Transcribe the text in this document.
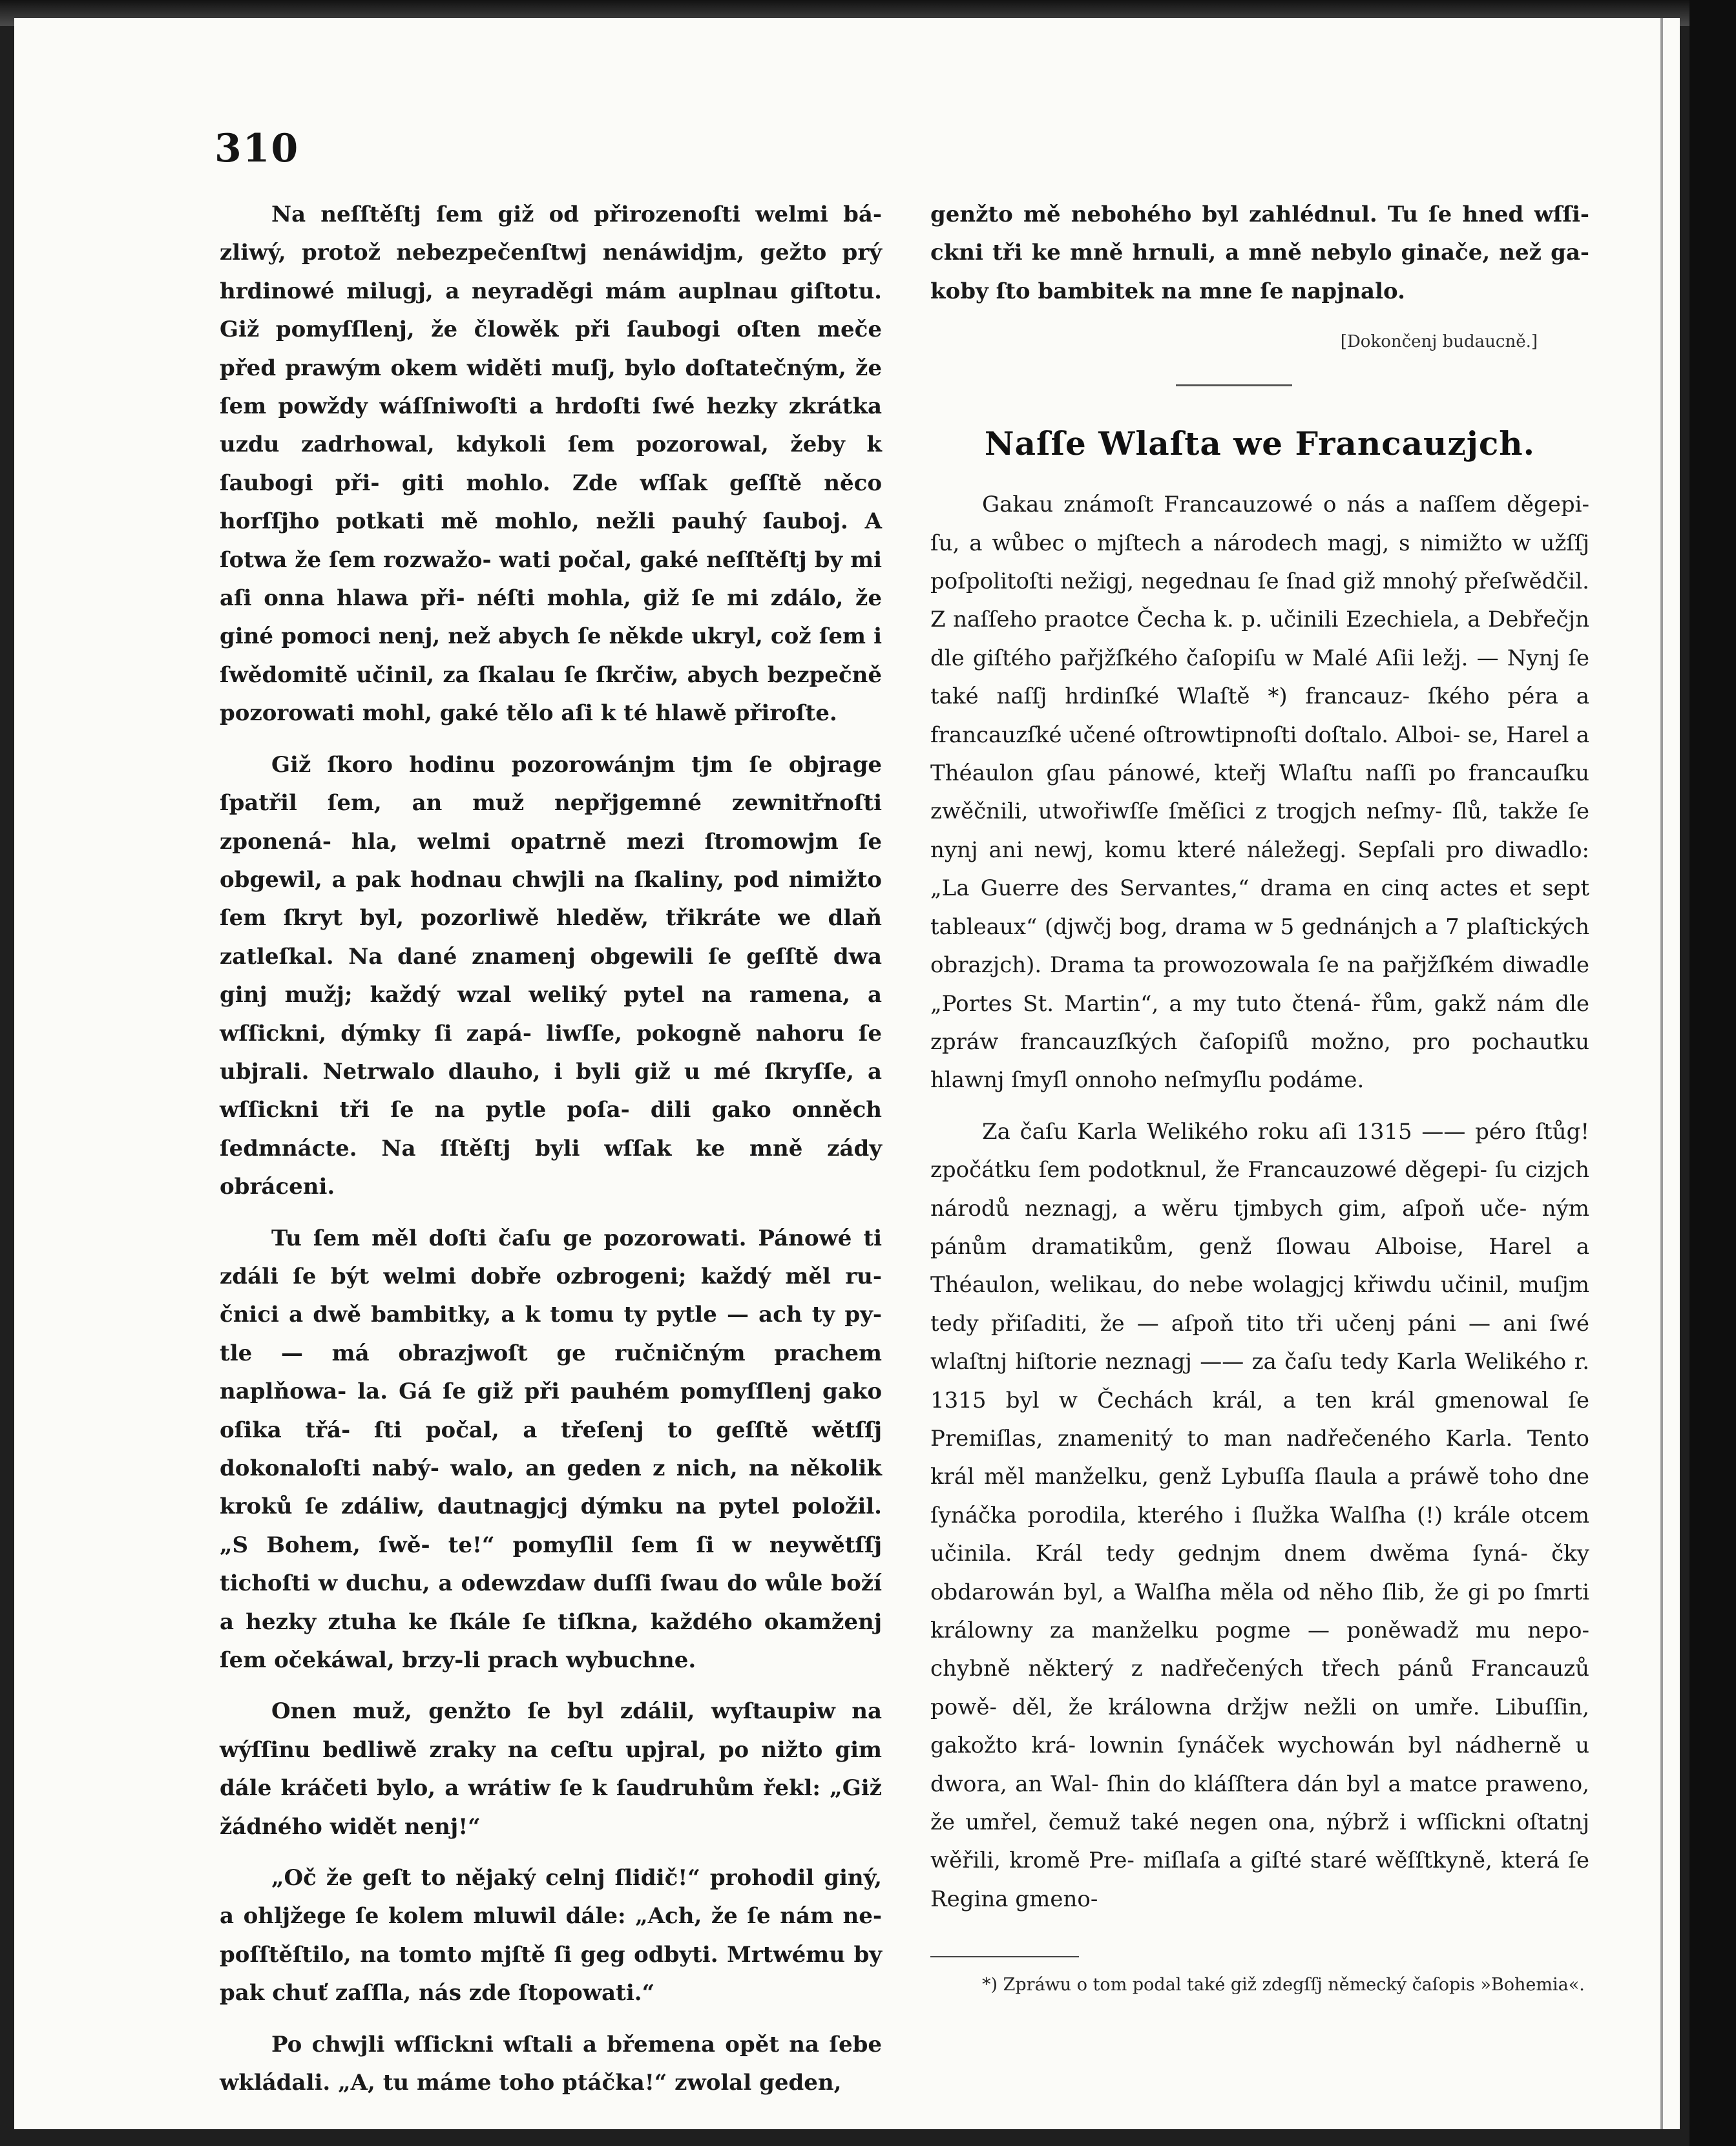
310

Na neſſtěſtj ſem giž od přirozenoſti welmi bá- zliwý, protož nebezpečenſtwj nenáwidjm, gežto prý hrdinowé milugj, a neyraděgi mám auplnau giſtotu. Giž pomyſſlenj, že člowěk při ſaubogi oſten meče před prawým okem widěti muſj, bylo doſtatečným, že ſem powždy wáſſniwoſti a hrdoſti ſwé hezky zkrátka uzdu zadrhowal, kdykoli ſem pozorowal, žeby k ſaubogi při- giti mohlo. Zde wſſak geſſtě něco horſſjho potkati mě mohlo, nežli pauhý ſauboj. A ſotwa že ſem rozwažo- wati počal, gaké neſſtěſtj by mi aſi onna hlawa při- néſti mohla, giž ſe mi zdálo, že giné pomoci nenj, než abych ſe někde ukryl, což ſem i ſwědomitě učinil, za ſkalau ſe ſkrčiw, abych bezpečně pozorowati mohl, gaké tělo aſi k té hlawě přiroſte.

Giž ſkoro hodinu pozorowánjm tjm ſe objrage ſpatřil ſem, an muž nepřjgemné zewnitřnoſti zponená- hla, welmi opatrně mezi ſtromowjm ſe obgewil, a pak hodnau chwjli na ſkaliny, pod nimižto ſem ſkryt byl, pozorliwě hleděw, třikráte we dlaň zatleſkal. Na dané znamenj obgewili ſe geſſtě dwa ginj mužj; každý wzal weliký pytel na ramena, a wſſickni, dýmky ſi zapá- liwſſe, pokogně nahoru ſe ubjrali. Netrwalo dlauho, i byli giž u mé ſkryſſe, a wſſickni tři ſe na pytle poſa- dili gako onněch ſedmnácte. Na ſſtěſtj byli wſſak ke mně zády obráceni.

Tu ſem měl doſti čaſu ge pozorowati. Pánowé ti zdáli ſe být welmi dobře ozbrogeni; každý měl ru- čnici a dwě bambitky, a k tomu ty pytle — ach ty py- tle — má obrazjwoſt ge ručničným prachem naplňowa- la. Gá ſe giž při pauhém pomyſſlenj gako oſika třá- ſti počal, a třeſenj to geſſtě wětſſj dokonaloſti nabý- walo, an geden z nich, na několik kroků ſe zdáliw, dautnagjcj dýmku na pytel položil. „S Bohem, ſwě- te!“ pomyſlil ſem ſi w neywětſſj tichoſti w duchu, a odewzdaw duſſi ſwau do wůle boží a hezky ztuha ke ſkále ſe tiſkna, každého okamženj ſem očekáwal, brzy-li prach wybuchne.

Onen muž, genžto ſe byl zdálil, wyſtaupiw na wýſſinu bedliwě zraky na ceſtu upjral, po nižto gim dále kráčeti bylo, a wrátiw ſe k ſaudruhům řekl: „Giž žádného widět nenj!“

„Oč že geſt to nějaký celnj ſlidič!“ prohodil giný, a ohljžege ſe kolem mluwil dále: „Ach, že ſe nám ne- poſſtěſtilo, na tomto mjſtě ſi geg odbyti. Mrtwému by pak chuť zaſſla, nás zde ſtopowati.“

Po chwjli wſſickni wſtali a břemena opět na ſebe wkládali. „A, tu máme toho ptáčka!“ zwolal geden,

genžto mě nebohého byl zahlédnul. Tu ſe hned wſſi- ckni tři ke mně hrnuli, a mně nebylo ginače, než ga- koby ſto bambitek na mne ſe napjnalo.

[Dokončenj budaucně.]
Naſſe Wlaſta we Francauzjch.

Gakau známoſt Francauzowé o nás a naſſem děgepi- ſu, a wůbec o mjſtech a národech magj, s nimižto w užſſj poſpolitoſti nežigj, negednau ſe ſnad giž mnohý přeſwědčil. Z naſſeho praotce Čecha k. p. učinili Ezechiela, a Debřečjn dle giſtého pařjžſkého čaſopiſu w Malé Aſii ležj. — Nynj ſe také naſſj hrdinſké Wlaſtě *) francauz- ſkého péra a francauzſké učené oſtrowtipnoſti doſtalo. Alboi- se, Harel a Théaulon gſau pánowé, kteřj Wlaſtu naſſi po francauſku zwěčnili, utwořiwſſe ſměſici z trogjch neſmy- ſlů, takže ſe nynj ani newj, komu které náležegj. Sepſali pro diwadlo: „La Guerre des Servantes,“ drama en cinq actes et sept tableaux“ (djwčj bog, drama w 5 gednánjch a 7 plaſtických obrazjch). Drama ta prowozowala ſe na pařjžſkém diwadle „Portes St. Martin“, a my tuto čtená- řům, gakž nám dle zpráw francauzſkých čaſopiſů možno, pro pochautku hlawnj ſmyſl onnoho neſmyſlu podáme.

Za čaſu Karla Welikého roku aſi 1315 —— péro ſtůg! zpočátku ſem podotknul, že Francauzowé děgepi- ſu cizjch národů neznagj, a wěru tjmbych gim, aſpoň uče- ným pánům dramatikům, genž ſlowau Alboise, Harel a Théaulon, welikau, do nebe wolagjcj křiwdu učinil, muſjm tedy přiſaditi, že — aſpoň tito tři učenj páni — ani ſwé wlaſtnj hiſtorie neznagj —— za čaſu tedy Karla Welikého r. 1315 byl w Čechách král, a ten král gmenowal ſe Premiſlas, znamenitý to man nadřečeného Karla. Tento král měl manželku, genž Lybuſſa ſlaula a práwě toho dne ſynáčka porodila, kterého i ſlužka Walſha (!) krále otcem učinila. Král tedy gednjm dnem dwěma ſyná- čky obdarowán byl, a Walſha měla od něho ſlib, že gi po ſmrti králowny za manželku pogme — poněwadž mu nepo- chybně některý z nadřečených třech pánů Francauzů powě- děl, že králowna držjw nežli on umře. Libuſſin, gakožto krá- lownin ſynáček wychowán byl nádherně u dwora, an Wal- ſhin do kláſſtera dán byl a matce praweno, že umřel, čemuž také negen ona, nýbrž i wſſickni oſtatnj wěřili, kromě Pre- miſlaſa a giſté staré wěſſtkyně, která ſe Regina gmeno-

*) Zpráwu o tom podal také giž zdegſſj německý čaſopis »Bohemia«.
